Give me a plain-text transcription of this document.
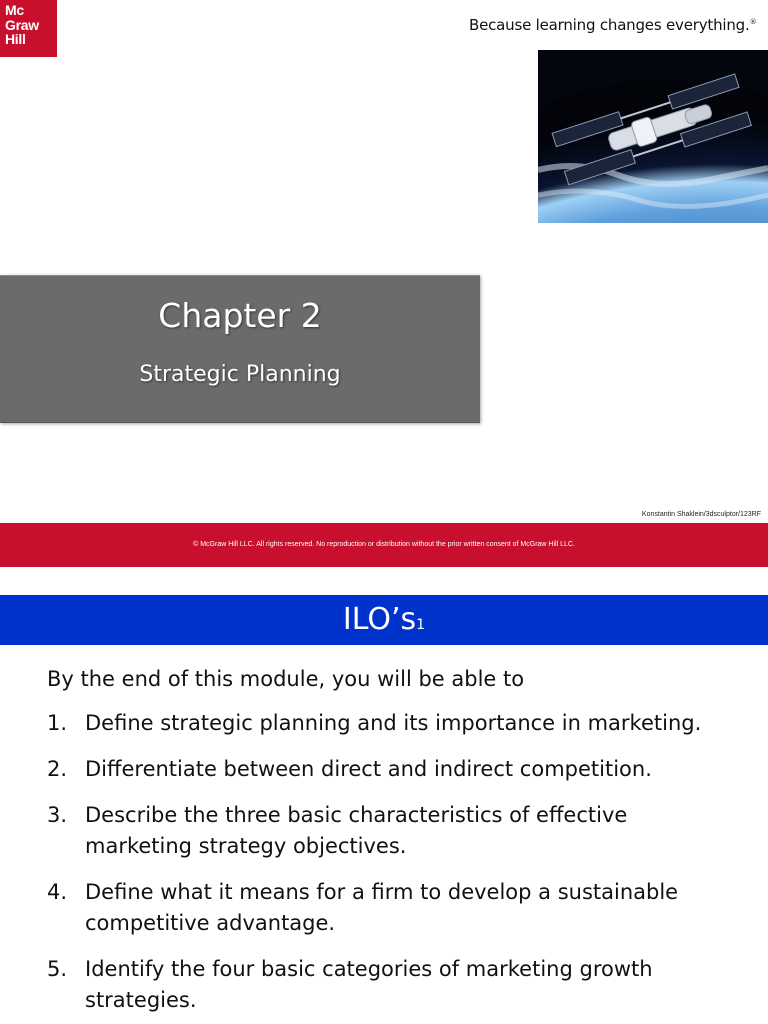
Mc
Graw
Hill
Because learning changes everything.®
Chapter 2
Strategic Planning
Konstantin Shaklein/3dsculptor/123RF
© McGraw Hill LLC. All rights reserved. No reproduction or distribution without the prior written consent of McGraw Hill LLC.
ILO’s1
By the end of this module, you will be able to
1. Define strategic planning and its importance in marketing.
2. Differentiate between direct and indirect competition.
3. Describe the three basic characteristics of effective marketing strategy objectives.
4. Define what it means for a firm to develop a sustainable competitive advantage.
5. Identify the four basic categories of marketing growth strategies.
